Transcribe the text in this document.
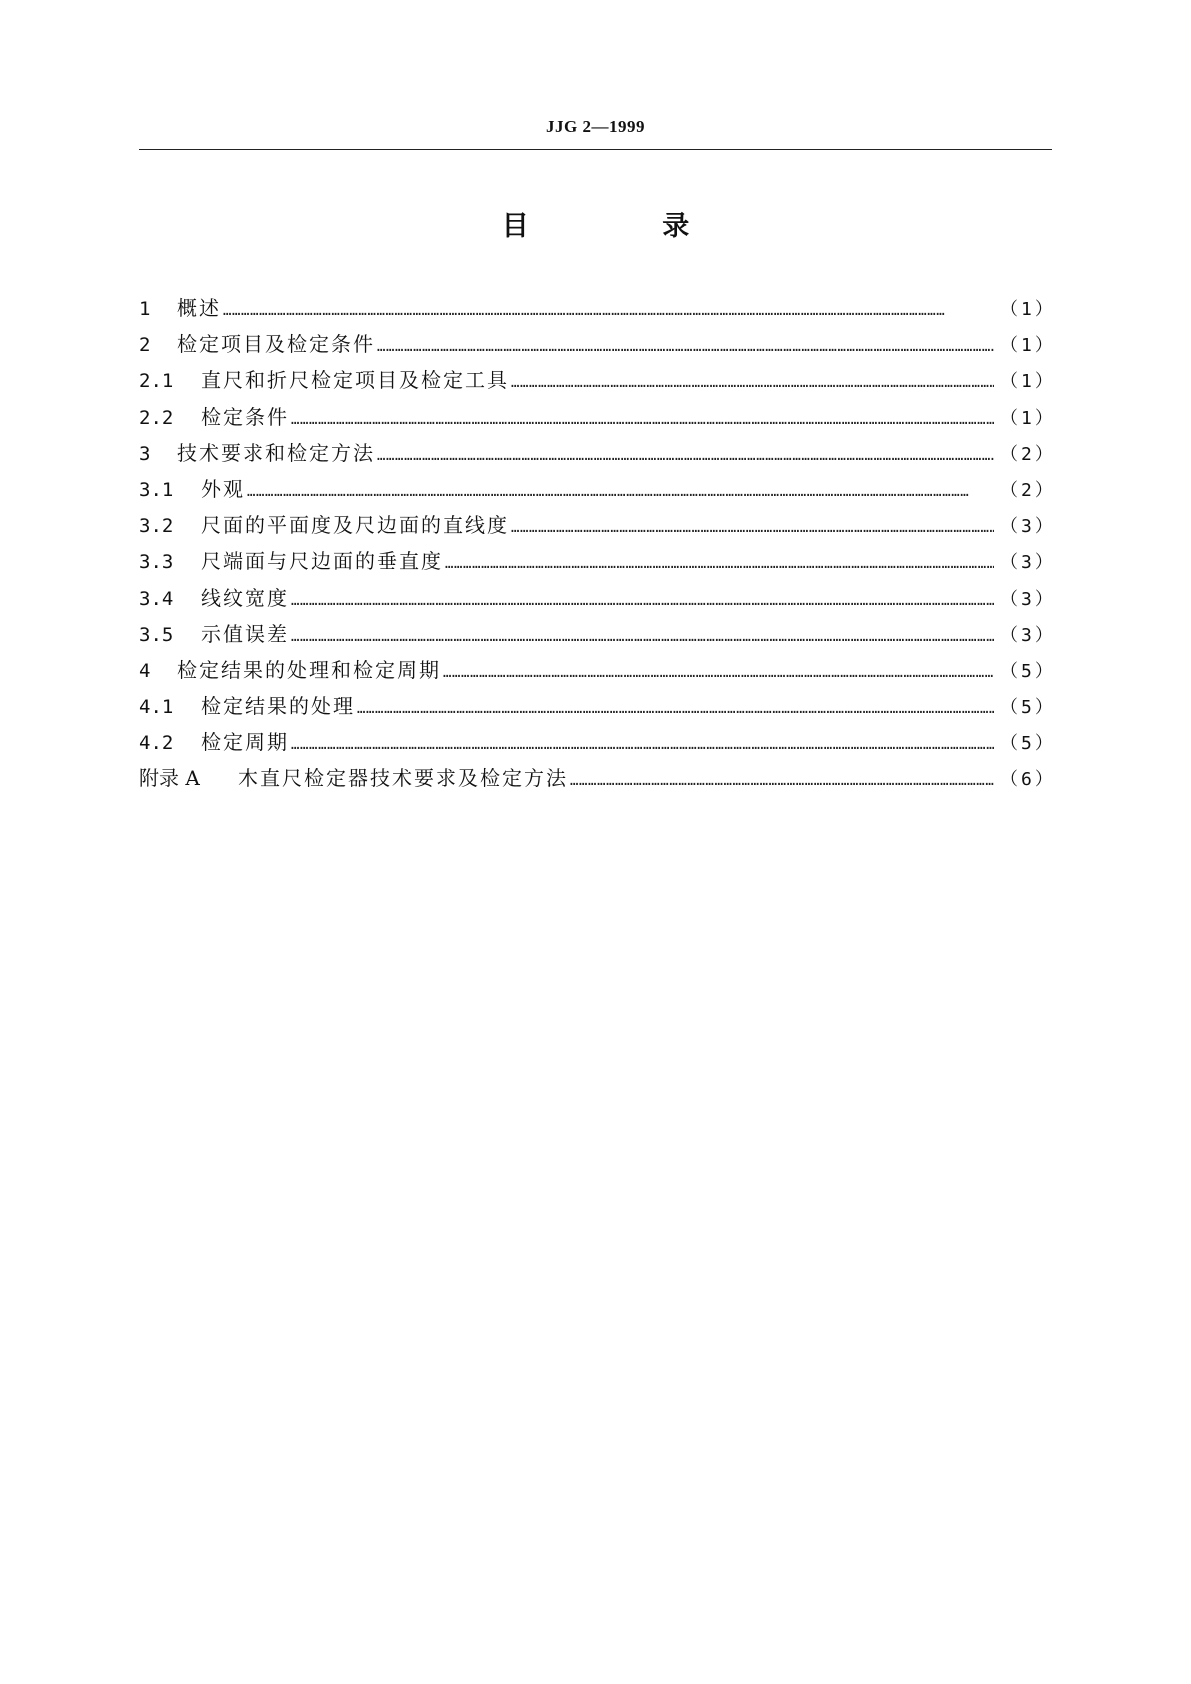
JJG 2—1999
目 录
1	概述 ……………………………………………………………………………………………………………………………………………………………………………………………………………………	（1）
2	检定项目及检定条件 ……………………………………………………………………………………………………………………………………………………………………………………………………………………	（1）
2.1	直尺和折尺检定项目及检定工具 ……………………………………………………………………………………………………………………………………………………………………………………………………………………	（1）
2.2	检定条件 ……………………………………………………………………………………………………………………………………………………………………………………………………………………	（1）
3	技术要求和检定方法 ……………………………………………………………………………………………………………………………………………………………………………………………………………………	（2）
3.1	外观 ……………………………………………………………………………………………………………………………………………………………………………………………………………………	（2）
3.2	尺面的平面度及尺边面的直线度 ……………………………………………………………………………………………………………………………………………………………………………………………………………………	（3）
3.3	尺端面与尺边面的垂直度 ……………………………………………………………………………………………………………………………………………………………………………………………………………………	（3）
3.4	线纹宽度 ……………………………………………………………………………………………………………………………………………………………………………………………………………………	（3）
3.5	示值误差 ……………………………………………………………………………………………………………………………………………………………………………………………………………………	（3）
4	检定结果的处理和检定周期 ……………………………………………………………………………………………………………………………………………………………………………………………………………………	（5）
4.1	检定结果的处理 ……………………………………………………………………………………………………………………………………………………………………………………………………………………	（5）
4.2	检定周期 ……………………………………………………………………………………………………………………………………………………………………………………………………………………	（5）
附录 A	木直尺检定器技术要求及检定方法 ……………………………………………………………………………………………………………………………………………………………………………………………………………………	（6）
